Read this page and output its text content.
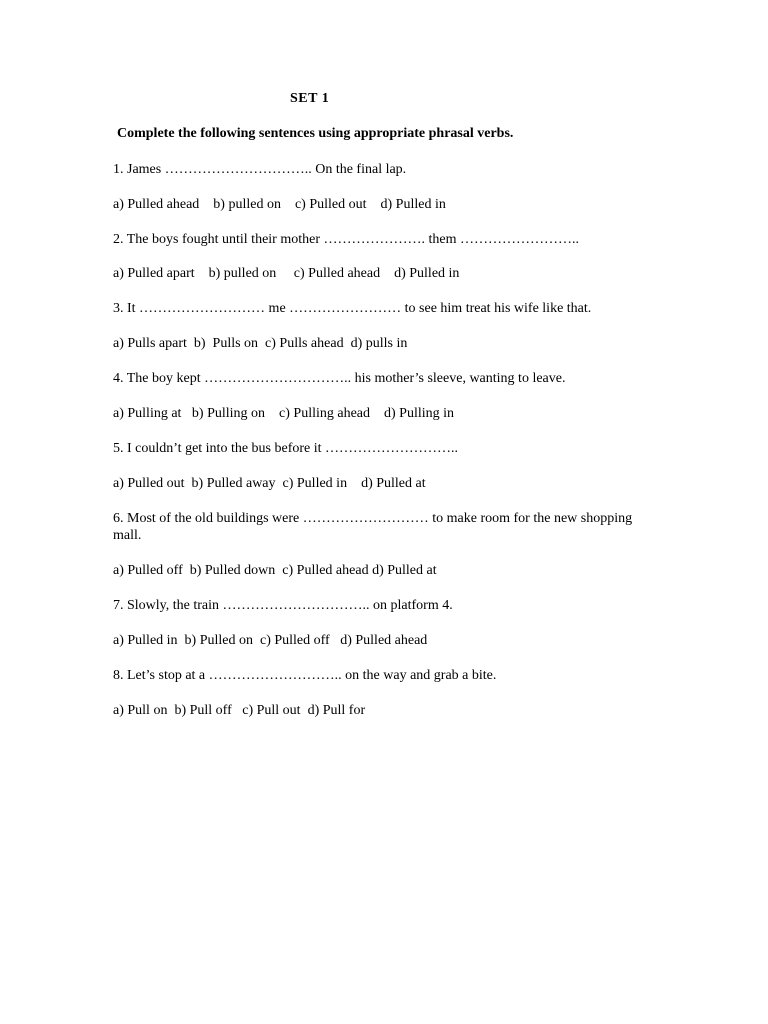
SET 1
Complete the following sentences using appropriate phrasal verbs.
1. James ………………………….. On the final lap.
a) Pulled ahead    b) pulled on    c) Pulled out    d) Pulled in
2. The boys fought until their mother …………………. them ……………………..
a) Pulled apart    b) pulled on     c) Pulled ahead    d) Pulled in
3. It ……………………… me …………………… to see him treat his wife like that.
a) Pulls apart  b)  Pulls on  c) Pulls ahead  d) pulls in
4. The boy kept ………………………….. his mother’s sleeve, wanting to leave.
a) Pulling at   b) Pulling on    c) Pulling ahead    d) Pulling in
5. I couldn’t get into the bus before it ………………………..
a) Pulled out  b) Pulled away  c) Pulled in    d) Pulled at
6. Most of the old buildings were ……………………… to make room for the new shopping mall.
a) Pulled off  b) Pulled down  c) Pulled ahead d) Pulled at
7. Slowly, the train ………………………….. on platform 4.
a) Pulled in  b) Pulled on  c) Pulled off   d) Pulled ahead
8. Let’s stop at a ……………………….. on the way and grab a bite.
a) Pull on  b) Pull off   c) Pull out  d) Pull for
